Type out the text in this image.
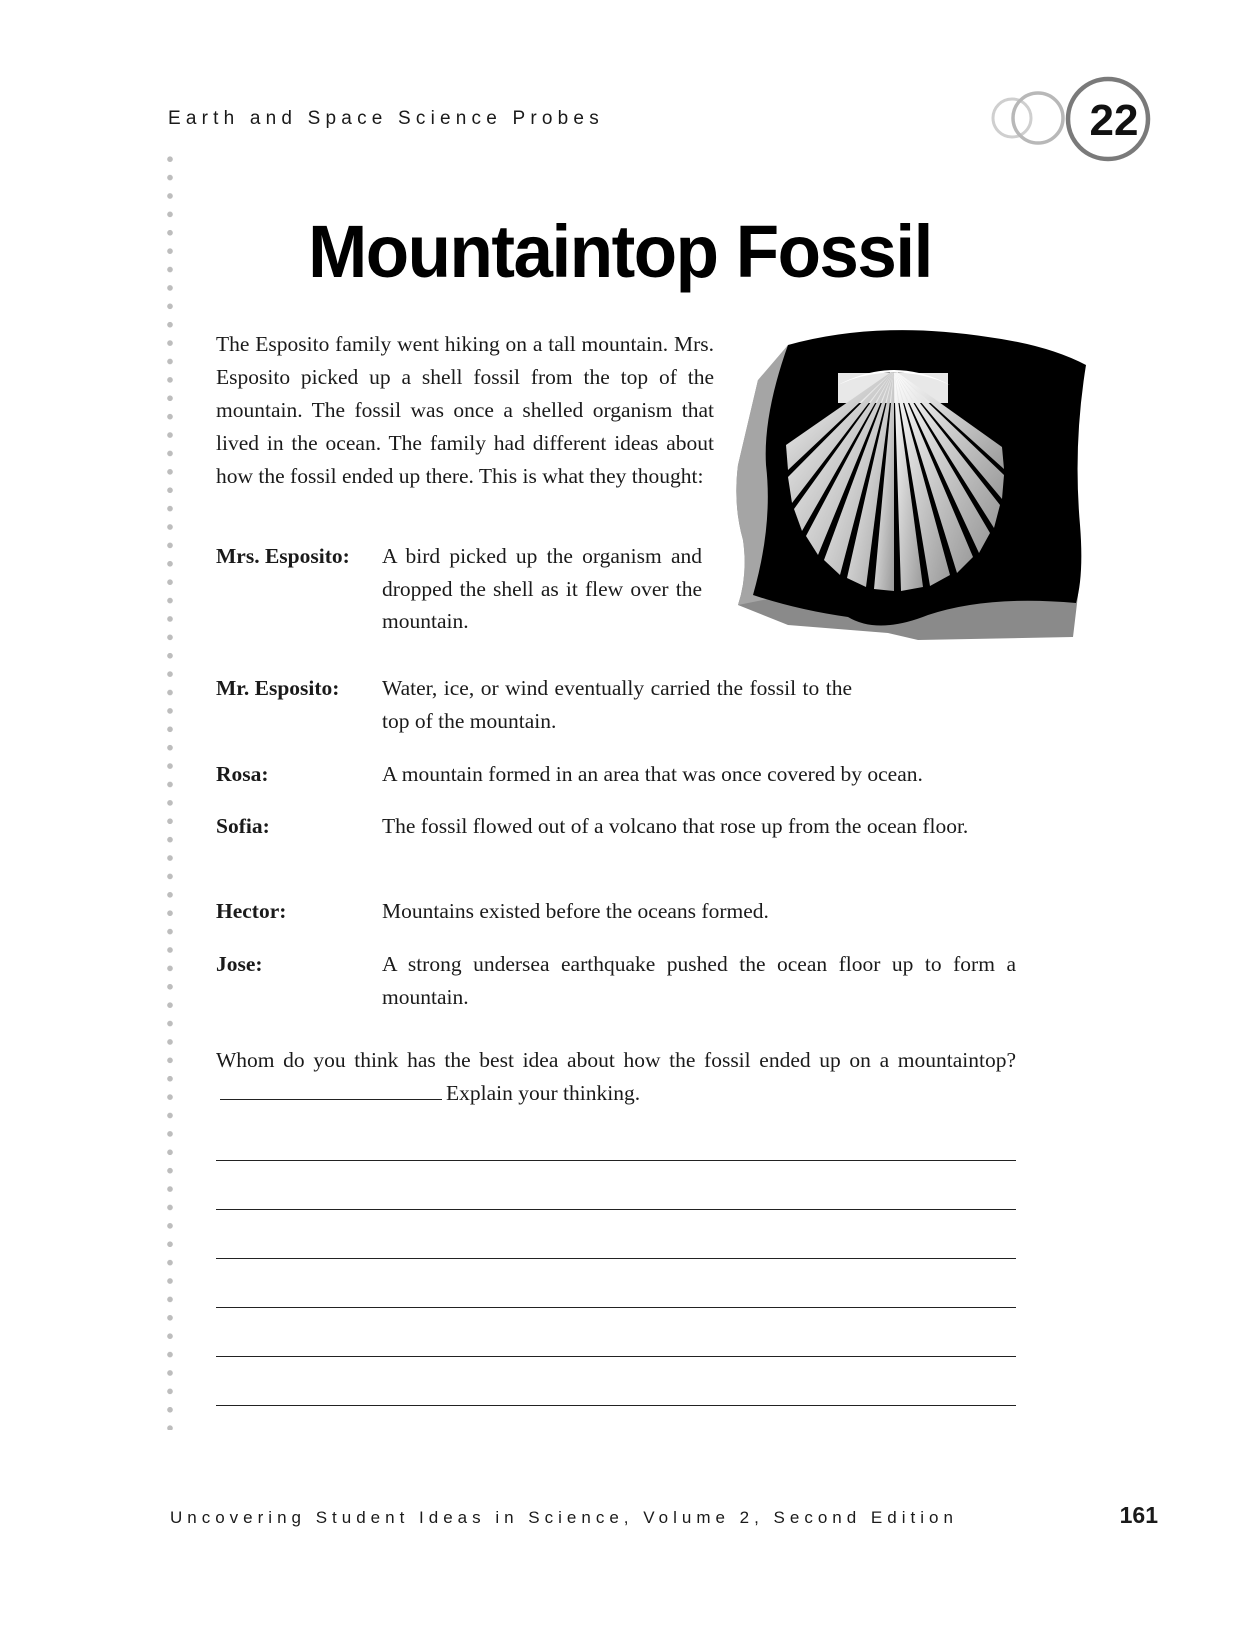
Earth and Space Science Probes	22
Mountaintop Fossil
The Esposito family went hiking on a tall mountain. Mrs. Esposito picked up a shell fossil from the top of the mountain. The fossil was once a shelled organism that lived in the ocean. The family had different ideas about how the fossil ended up there. This is what they thought:
Mrs. Esposito: A bird picked up the organism and dropped the shell as it flew over the mountain.
Mr. Esposito: Water, ice, or wind eventually carried the fossil to the top of the mountain.
Rosa:	A mountain formed in an area that was once covered by ocean.
Sofia:	The fossil flowed out of a volcano that rose up from the ocean floor.
Hector:	Mountains existed before the oceans formed.
Jose:	A strong undersea earthquake pushed the ocean floor up to form a mountain.
Whom do you think has the best idea about how the fossil ended up on a mountaintop?Explain your thinking.
Uncovering Student Ideas in Science, Volume 2, Second Edition	161
